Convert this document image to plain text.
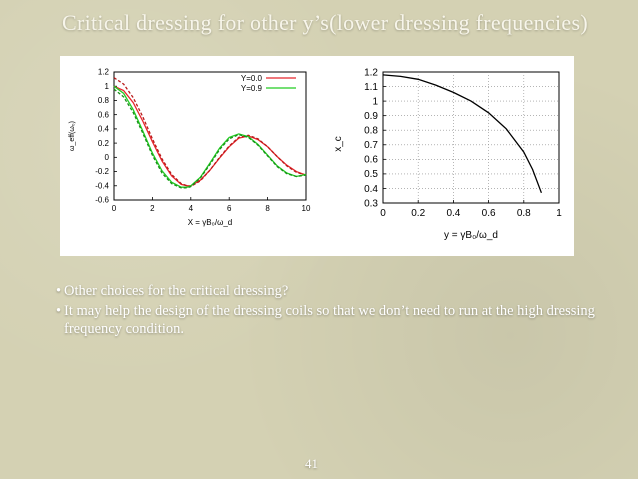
Critical dressing for other y’s(lower dressing frequencies)
0	2	4	6	8	10
1.2
1
0.8
0.6
0.4
0.2
0
-0.2
-0.4
-0.6
Y=0.0
Y=0.9
X = γB₀/ω_d
ω_eff(ω₀)
0	0.2 0.4 0.6 0.8	1
1.2
1.1
1
0.9
0.8
0.7
0.6
0.5
0.4
0.3
y = γB₀/ω_d
x_c
• Other choices for the critical dressing?
• It may help the design of the dressing coils so that we don’t need to run at the high dressing frequency condition.
41
